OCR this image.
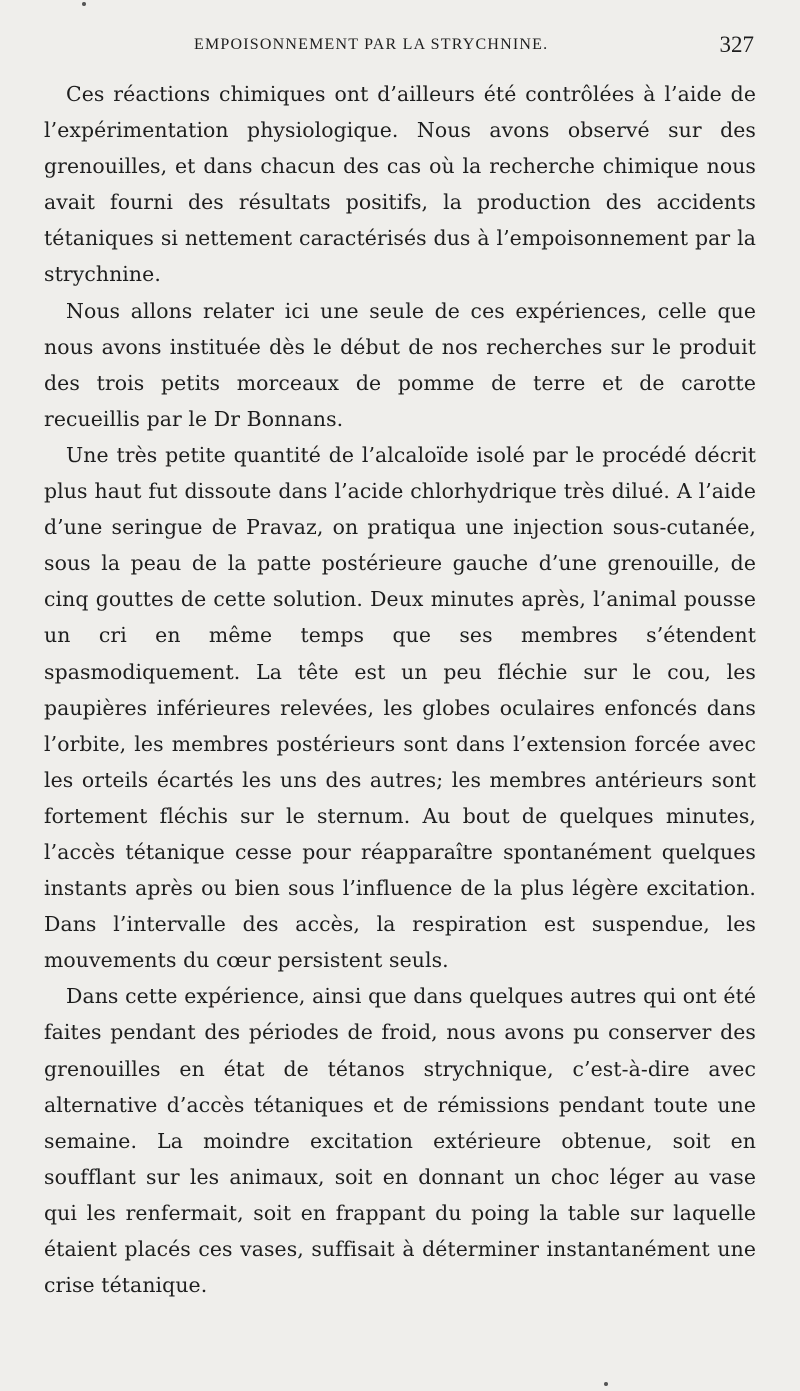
EMPOISONNEMENT PAR LA STRYCHNINE.	327

Ces réactions chimiques ont d’ailleurs été contrôlées à l’aide de l’expérimentation physiologique. Nous avons observé sur des grenouilles, et dans chacun des cas où la recherche chimique nous avait fourni des résultats positifs, la production des accidents tétaniques si nettement caractérisés dus à l’empoisonnement par la strychnine.

Nous allons relater ici une seule de ces expériences, celle que nous avons instituée dès le début de nos recherches sur le produit des trois petits morceaux de pomme de terre et de carotte recueillis par le Dr Bonnans.

Une très petite quantité de l’alcaloïde isolé par le procédé décrit plus haut fut dissoute dans l’acide chlorhydrique très dilué. A l’aide d’une seringue de Pravaz, on pratiqua une injection sous-cutanée, sous la peau de la patte postérieure gauche d’une grenouille, de cinq gouttes de cette solution. Deux minutes après, l’animal pousse un cri en même temps que ses membres s’étendent spasmodiquement. La tête est un peu fléchie sur le cou, les paupières inférieures relevées, les globes oculaires enfoncés dans l’orbite, les membres postérieurs sont dans l’extension forcée avec les orteils écartés les uns des autres; les membres antérieurs sont fortement fléchis sur le sternum. Au bout de quelques minutes, l’accès tétanique cesse pour réapparaître spontanément quelques instants après ou bien sous l’influence de la plus légère excitation. Dans l’intervalle des accès, la respiration est suspendue, les mouvements du cœur persistent seuls.

Dans cette expérience, ainsi que dans quelques autres qui ont été faites pendant des périodes de froid, nous avons pu conserver des grenouilles en état de tétanos strychnique, c’est-à-dire avec alternative d’accès tétaniques et de rémissions pendant toute une semaine. La moindre excitation extérieure obtenue, soit en soufflant sur les animaux, soit en donnant un choc léger au vase qui les renfermait, soit en frappant du poing la table sur laquelle étaient placés ces vases, suffisait à déterminer instantanément une crise tétanique.
